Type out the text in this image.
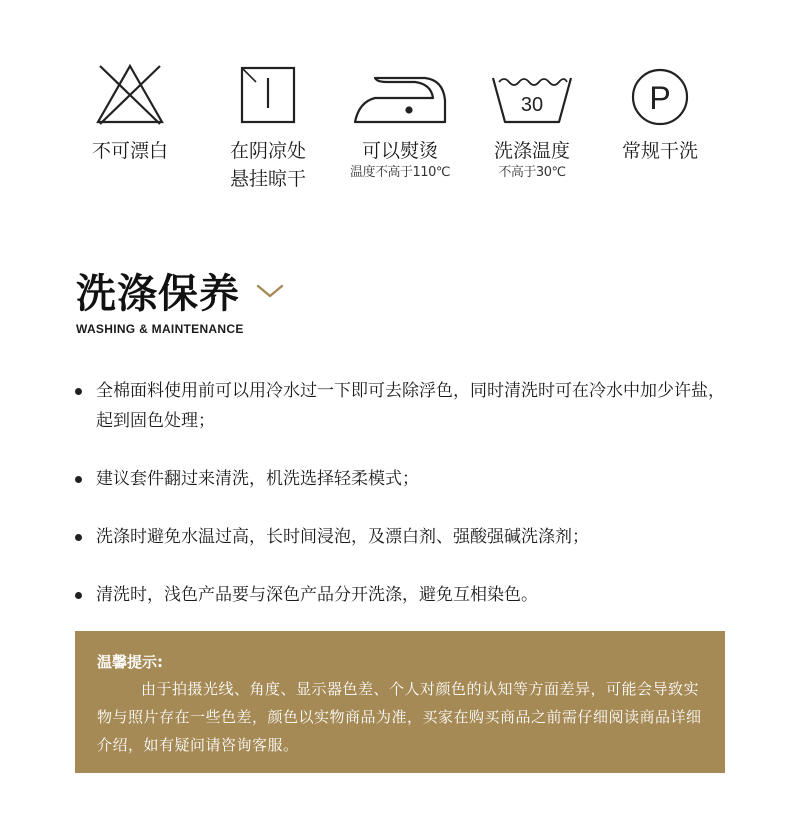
不可漂白	在阴凉处
悬挂晾干
可以熨烫
温度不高于110℃
30
洗涤温度
不高于30℃
P
常规干洗
洗涤保养
WASHING & MAINTENANCE
全棉面料使用前可以用冷水过一下即可去除浮色，同时清洗时可在冷水中加少许盐，起到固色处理；
建议套件翻过来清洗，机洗选择轻柔模式；
洗涤时避免水温过高，长时间浸泡，及漂白剂、强酸强碱洗涤剂；
清洗时，浅色产品要与深色产品分开洗涤，避免互相染色。
温馨提示:
由于拍摄光线、角度、显示器色差、个人对颜色的认知等方面差异，可能会导致实物与照片存在一些色差，颜色以实物商品为准，买家在购买商品之前需仔细阅读商品详细介绍，如有疑问请咨询客服。
